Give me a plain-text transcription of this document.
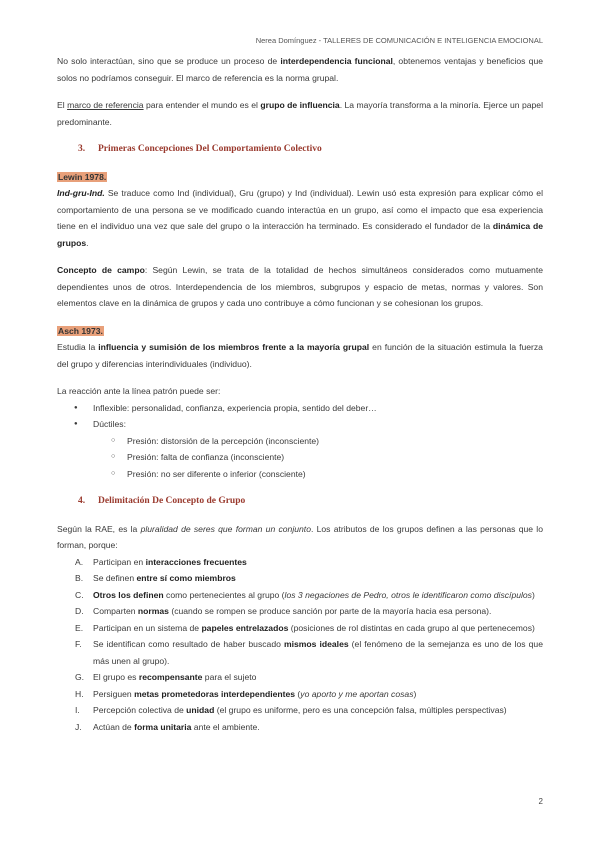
Nerea Domínguez - TALLERES DE COMUNICACIÓN E INTELIGENCIA EMOCIONAL

No solo interactúan, sino que se produce un proceso de interdependencia funcional, obtenemos ventajas y beneficios que solos no podríamos conseguir. El marco de referencia es la norma grupal.

El marco de referencia para entender el mundo es el grupo de influencia. La mayoría transforma a la minoría. Ejerce un papel predominante.

3.	Primeras Concepciones Del Comportamiento Colectivo

Lewin 1978.

Ind-gru-Ind. Se traduce como Ind (individual), Gru (grupo) y Ind (individual). Lewin usó esta expresión para explicar cómo el comportamiento de una persona se ve modificado cuando interactúa en un grupo, así como el impacto que esa experiencia tiene en el individuo una vez que sale del grupo o la interacción ha terminado. Es considerado el fundador de la dinámica de grupos.

Concepto de campo: Según Lewin, se trata de la totalidad de hechos simultáneos considerados como mutuamente dependientes unos de otros. Interdependencia de los miembros, subgrupos y espacio de metas, normas y valores. Son elementos clave en la dinámica de grupos y cada uno contribuye a cómo funcionan y se cohesionan los grupos.

Asch 1973.

Estudia la influencia y sumisión de los miembros frente a la mayoría grupal en función de la situación estimula la fuerza del grupo y diferencias interindividuales (individuo).

La reacción ante la línea patrón puede ser:

● Inflexible: personalidad, confianza, experiencia propia, sentido del deber…
● Dúctiles:
○ Presión: distorsión de la percepción (inconsciente)
○ Presión: falta de confianza (inconsciente)
○ Presión: no ser diferente o inferior (consciente)
4.	Delimitación De Concepto de Grupo

Según la RAE, es la pluralidad de seres que forman un conjunto. Los atributos de los grupos definen a las personas que lo forman, porque:

A. Participan en interacciones frecuentes
B. Se definen entre sí como miembros
C. Otros los definen como pertenecientes al grupo (los 3 negaciones de Pedro, otros le identificaron como discípulos)
D. Comparten normas (cuando se rompen se produce sanción por parte de la mayoría hacia esa persona).
E. Participan en un sistema de papeles entrelazados (posiciones de rol distintas en cada grupo al que pertenecemos)
F. Se identifican como resultado de haber buscado mismos ideales (el fenómeno de la semejanza es uno de los que más unen al grupo).
G. El grupo es recompensante para el sujeto
H. Persiguen metas prometedoras interdependientes (yo aporto y me aportan cosas)
I. Percepción colectiva de unidad (el grupo es uniforme, pero es una concepción falsa, múltiples perspectivas)
J. Actúan de forma unitaria ante el ambiente.
2
